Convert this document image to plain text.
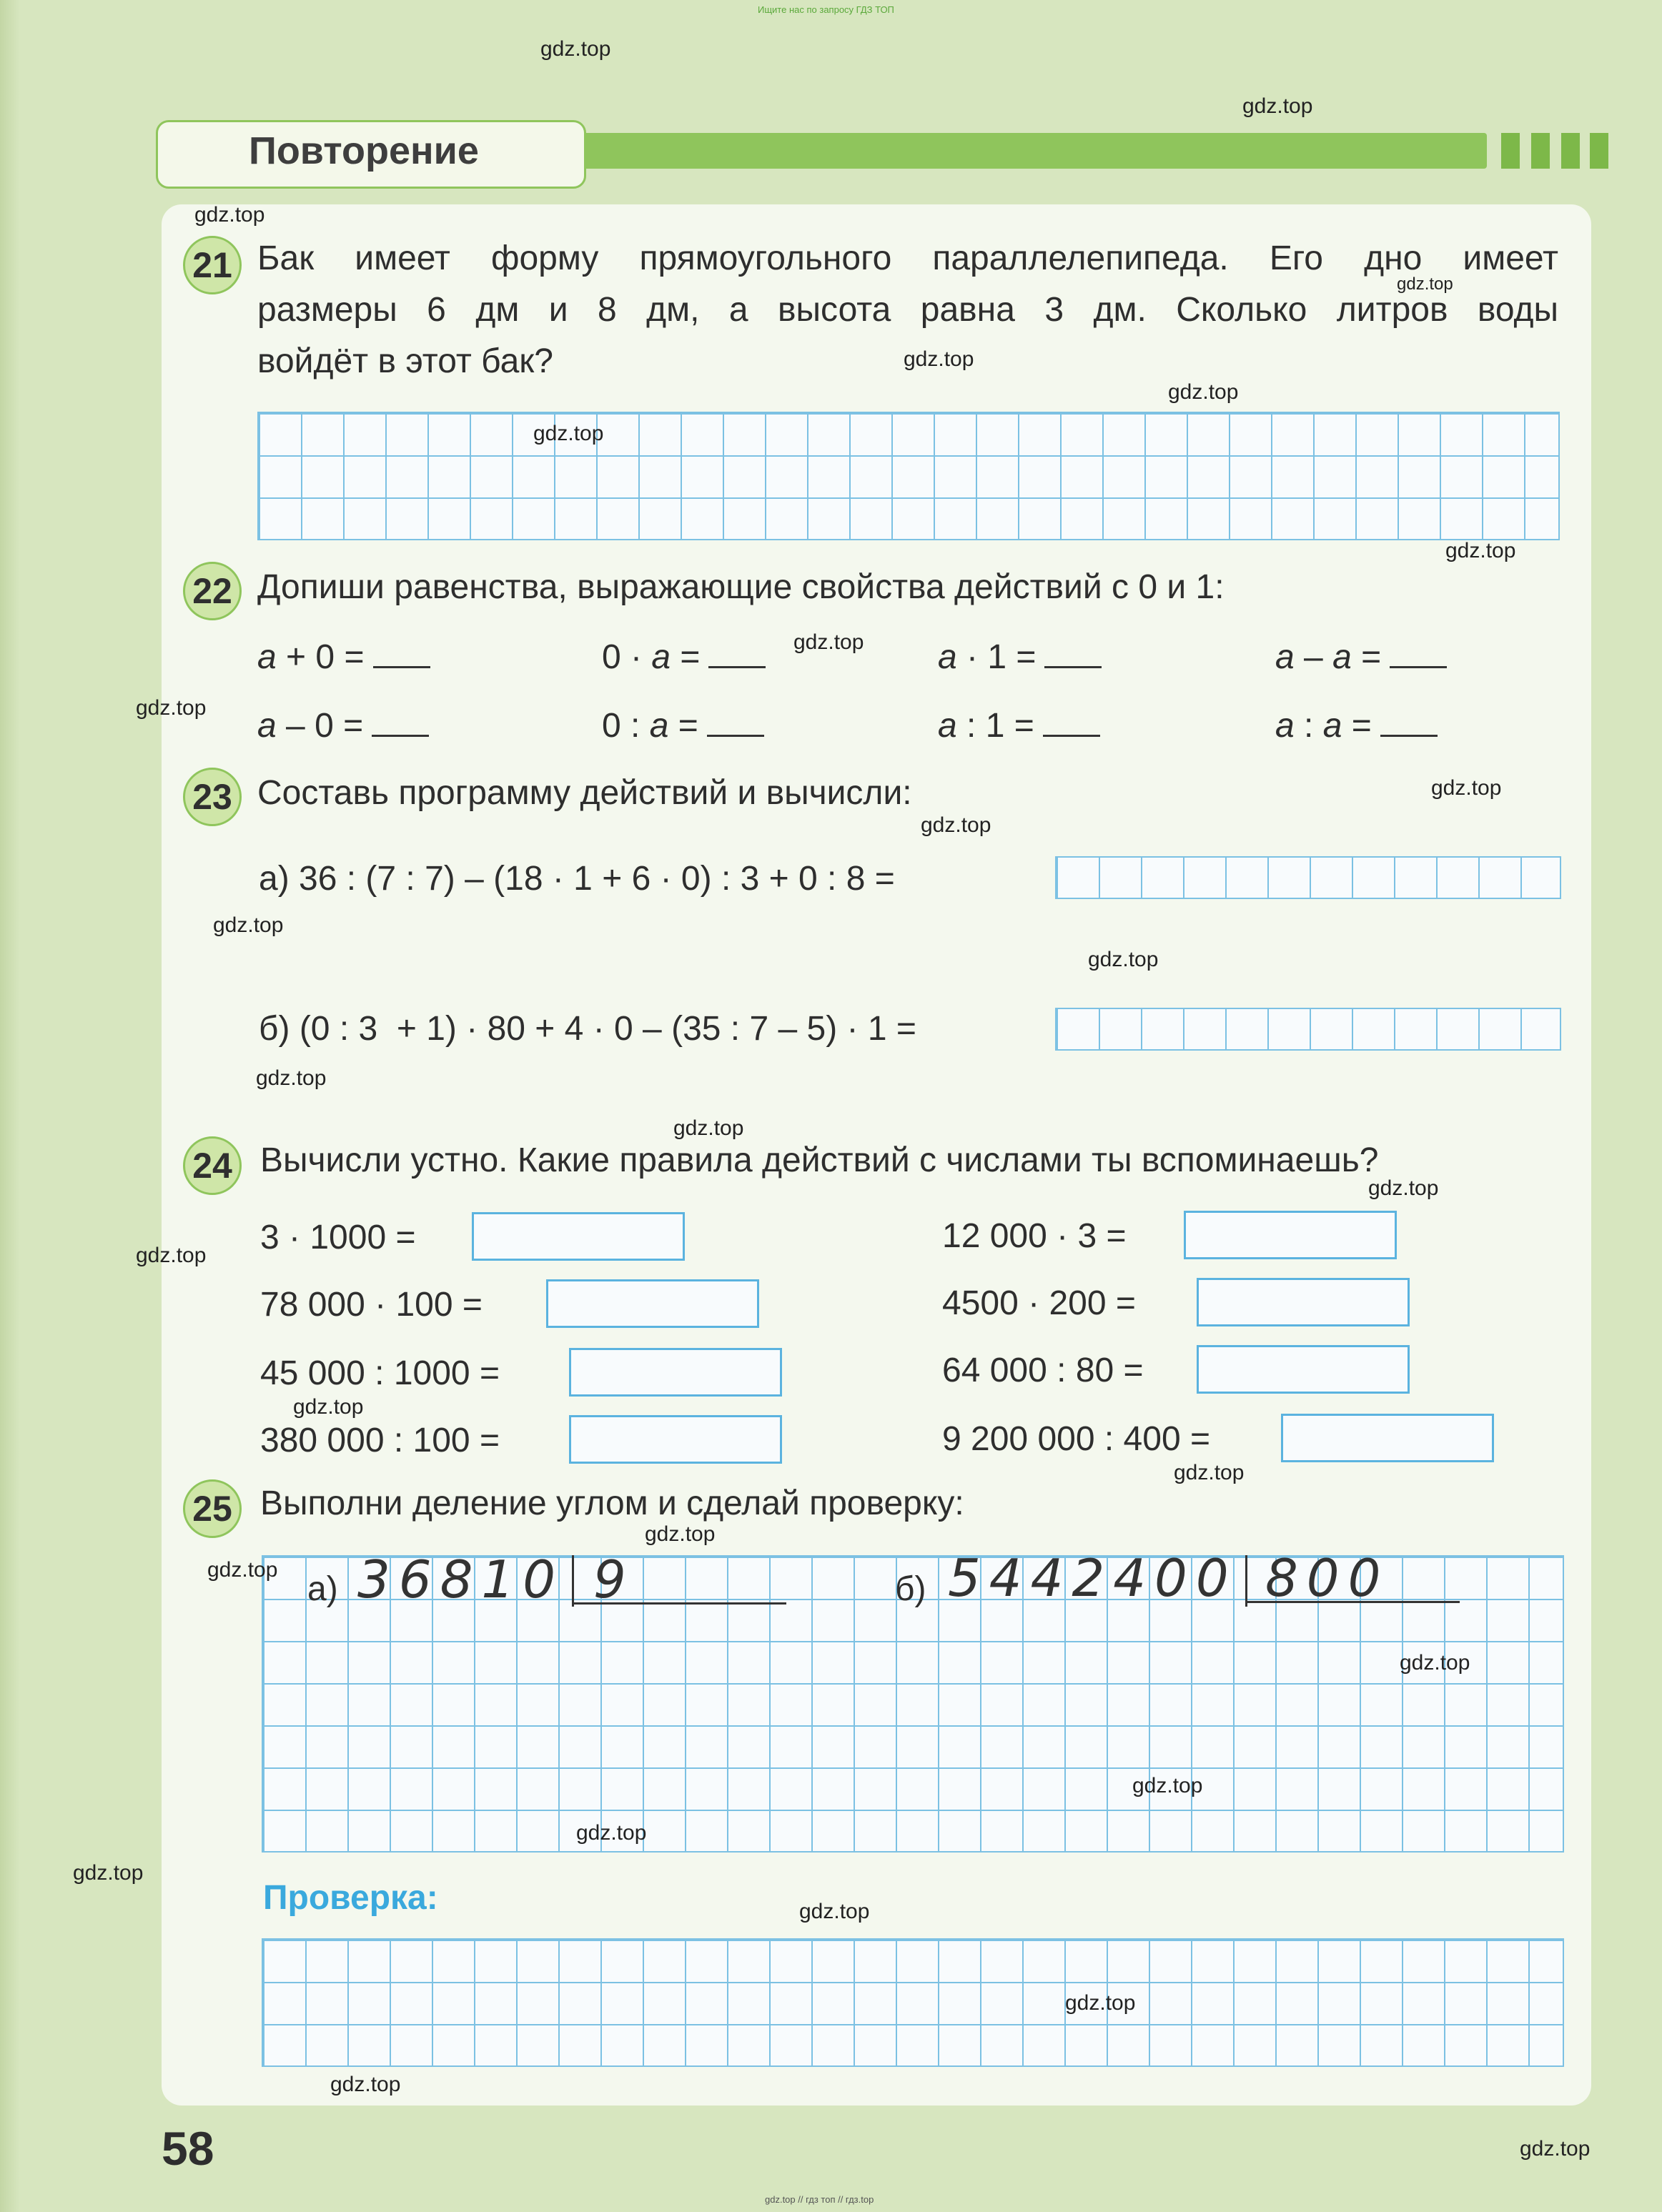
Ищите нас по запросу ГДЗ ТОП
Повторение
21 Бак имеет форму прямоугольного параллелепипеда. Его дно имеет
размеры 6 дм и 8 дм, а высота равна 3 дм. Сколько литров воды
войдёт в этот бак?
22 Допиши равенства, выражающие свойства действий с 0 и 1:
a + 0 =	0 · a =	a · 1 =	a – a =
a – 0 =	0 : a =	a : 1 =	a : a =
23 Составь программу действий и вычисли:
а) 36 : (7 : 7) – (18 · 1 + 6 · 0) : 3 + 0 : 8 =
б) (0 : 3  + 1) · 80 + 4 · 0 – (35 : 7 – 5) · 1 =
24 Вычисли устно. Какие правила действий с числами ты вспоминаешь?
3 · 1000 =
78 000 · 100 =
45 000 : 1000 =
380 000 : 100 =
12 000 · 3 =
4500 · 200 =
64 000 : 80 =
9 200 000 : 400 =
25 Выполни деление углом и сделай проверку:
а) 36810 9	б) 5442400 800
Проверка:
58
gdz.top
gdz.top
gdz.top
gdz.top
gdz.top
gdz.top
gdz.top
gdz.top
gdz.top
gdz.top
gdz.top
gdz.top
gdz.top
gdz.top
gdz.top
gdz.top
gdz.top
gdz.top
gdz.top
gdz.top
gdz.top
gdz.top
gdz.top
gdz.top
gdz.top
gdz.top
gdz.top
gdz.top
gdz.top
gdz.top
gdz.top // гдз топ // гдз.top
